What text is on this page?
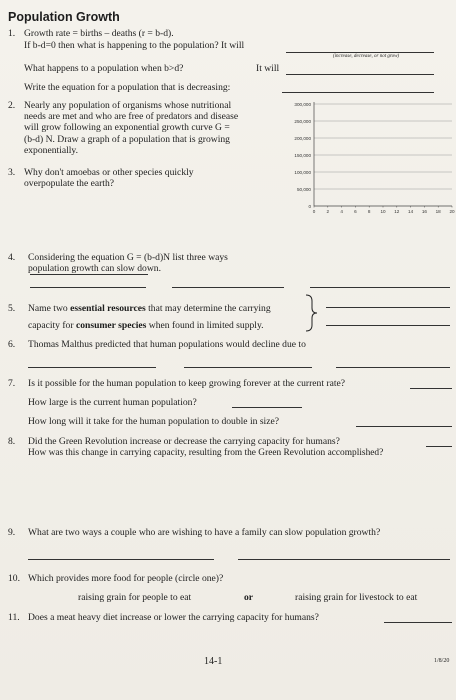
Population Growth
1. Growth rate = births – deaths (r = b-d).
If b-d=0 then what is happening to the population? It will
(increase, decrease, or not grow)
What happens to a population when b>d?	It will
Write the equation for a population that is decreasing:
2. Nearly any population of organisms whose nutritional
needs are met and who are free of predators and disease
will grow following an exponential growth curve G =
(b-d) N. Draw a graph of a population that is growing
exponentially.
3. Why don't amoebas or other species quickly
overpopulate the earth?
0
50,000
100,000
150,000
200,000
250,000
300,000
0 2 4 6 8 10 12 14 16 18 20
4. Considering the equation G = (b-d)N list three ways
population growth can slow down.
5. Name two essential resources that may determine the carrying
capacity for consumer species when found in limited supply.
6. Thomas Malthus predicted that human populations would decline due to
7. Is it possible for the human population to keep growing forever at the current rate?
How large is the current human population?
How long will it take for the human population to double in size?
8. Did the Green Revolution increase or decrease the carrying capacity for humans?
How was this change in carrying capacity, resulting from the Green Revolution accomplished?
9. What are two ways a couple who are wishing to have a family can slow population growth?
10. Which provides more food for people (circle one)?
raising grain for people to eat	or	raising grain for livestock to eat
11. Does a meat heavy diet increase or lower the carrying capacity for humans?
14-1	1/8/20
